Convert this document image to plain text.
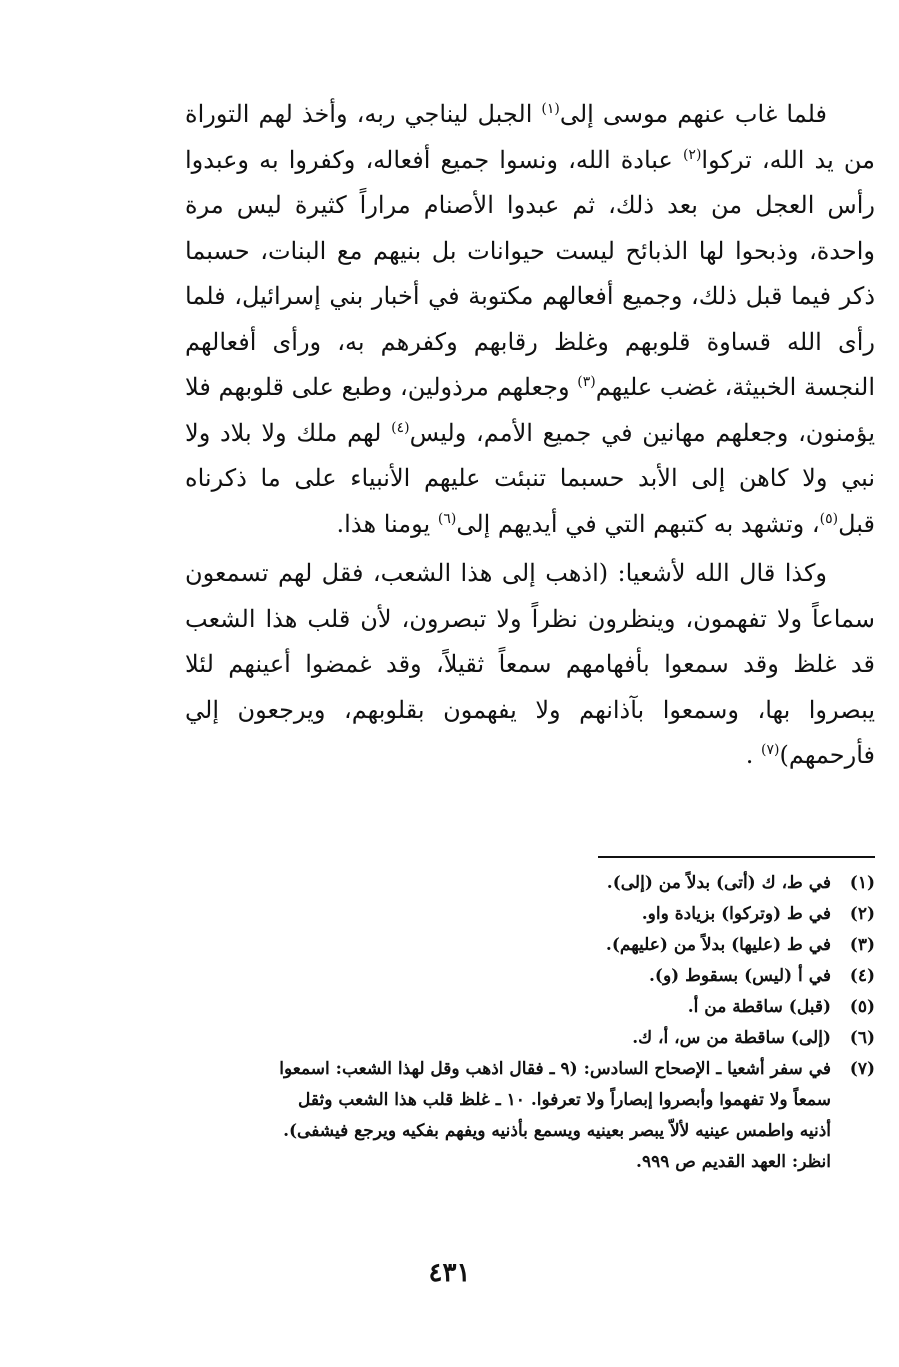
فلما غاب عنهم موسى إلى$^{(١)}$ الجبل ليناجي ربه، وأخذ لهم التوراة من يد الله، تركوا$^{(٢)}$ عبادة الله، ونسوا جميع أفعاله، وكفروا به وعبدوا رأس العجل من بعد ذلك، ثم عبدوا الأصنام مراراً كثيرة ليس مرة واحدة، وذبحوا لها الذبائح ليست حيوانات بل بنيهم مع البنات، حسبما ذكر فيما قبل ذلك، وجميع أفعالهم مكتوبة في أخبار بني إسرائيل، فلما رأى الله قساوة قلوبهم وغلظ رقابهم وكفرهم به، ورأى أفعالهم النجسة الخبيثة، غضب عليهم$^{(٣)}$ وجعلهم مرذولين، وطبع على قلوبهم فلا يؤمنون، وجعلهم مهانين في جميع الأمم، وليس$^{(٤)}$ لهم ملك ولا بلاد ولا نبي ولا كاهن إلى الأبد حسبما تنبئت عليهم الأنبياء على ما ذكرناه قبل$^{(٥)}$، وتشهد به كتبهم التي في أيديهم إلى$^{(٦)}$ يومنا هذا.

وكذا قال الله لأشعيا: (اذهب إلى هذا الشعب، فقل لهم تسمعون سماعاً ولا تفهمون، وينظرون نظراً ولا تبصرون، لأن قلب هذا الشعب قد غلظ وقد سمعوا بأفهامهم سمعاً ثقيلاً، وقد غمضوا أعينهم لئلا يبصروا بها، وسمعوا بآذانهم ولا يفهمون بقلوبهم، ويرجعون إلي فأرحمهم)$^{(٧)}$ .

(١)
في ط، ك (أتى) بدلاً من (إلى).
(٢)
في ط (وتركوا) بزيادة واو.
(٣)
في ط (عليها) بدلاً من (عليهم).
(٤)
في أ (ليس) بسقوط (و).
(٥)
(قبل) ساقطة من أ.
(٦)
(إلى) ساقطة من س، أ، ك.
(٧)
في سفر أشعيا ـ الإصحاح السادس: (٩ ـ فقال اذهب وقل لهذا الشعب: اسمعوا
سمعاً ولا تفهموا وأبصروا إبصاراً ولا تعرفوا. ١٠ ـ غلظ قلب هذا الشعب وثقل
أذنيه واطمس عينيه لألاّ يبصر بعينيه ويسمع بأذنيه ويفهم بفكيه ويرجع فيشفى).
انظر: العهد القديم ص ٩٩٩.
٤٣١
